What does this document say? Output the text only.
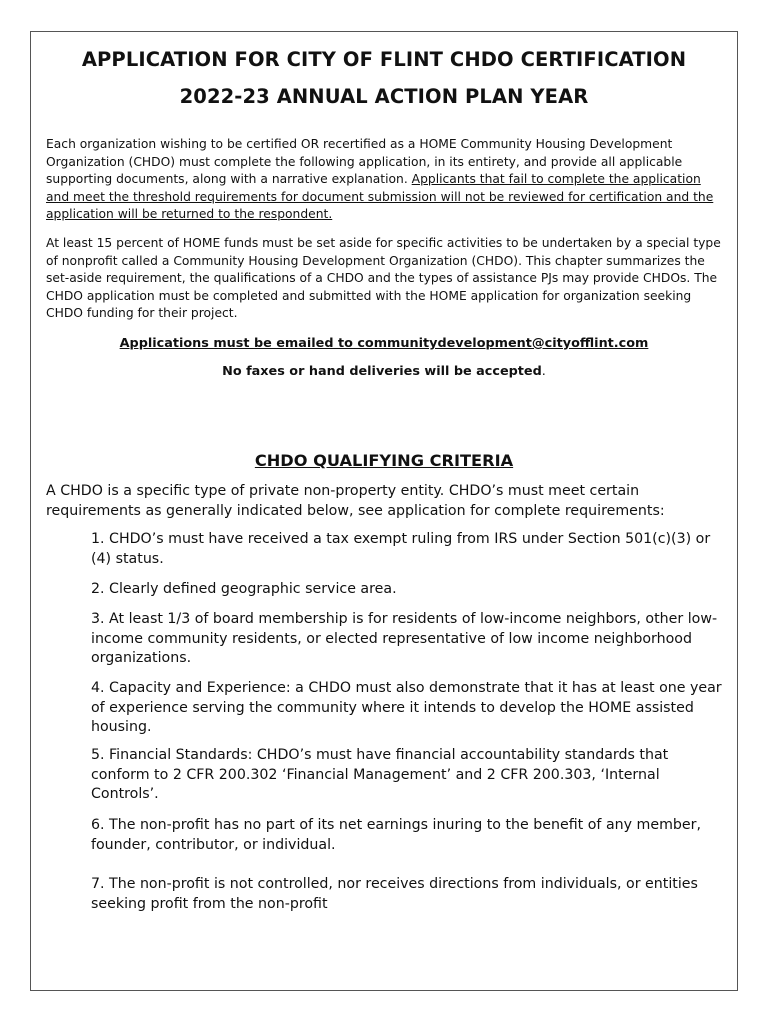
APPLICATION FOR CITY OF FLINT CHDO CERTIFICATION
2022-23 ANNUAL ACTION PLAN YEAR
Each organization wishing to be certified OR recertified as a HOME Community Housing Development Organization (CHDO) must complete the following application, in its entirety, and provide all applicable supporting documents, along with a narrative explanation. Applicants that fail to complete the application and meet the threshold requirements for document submission will not be reviewed for certification and the application will be returned to the respondent.
At least 15 percent of HOME funds must be set aside for specific activities to be undertaken by a special type of nonprofit called a Community Housing Development Organization (CHDO). This chapter summarizes the set-aside requirement, the qualifications of a CHDO and the types of assistance PJs may provide CHDOs. The CHDO application must be completed and submitted with the HOME application for organization seeking CHDO funding for their project.
Applications must be emailed to communitydevelopment@cityofflint.com
No faxes or hand deliveries will be accepted.
CHDO QUALIFYING CRITERIA
A CHDO is a specific type of private non-property entity. CHDO’s must meet certain requirements as generally indicated below, see application for complete requirements:
1. CHDO’s must have received a tax exempt ruling from IRS under Section 501(c)(3) or (4) status.
2. Clearly defined geographic service area.
3. At least 1/3 of board membership is for residents of low-income neighbors, other low-income community residents, or elected representative of low income neighborhood organizations.
4. Capacity and Experience: a CHDO must also demonstrate that it has at least one year of experience serving the community where it intends to develop the HOME assisted housing.
5. Financial Standards: CHDO’s must have financial accountability standards that conform to 2 CFR 200.302 ‘Financial Management’ and 2 CFR 200.303, ‘Internal Controls’.
6. The non-profit has no part of its net earnings inuring to the benefit of any member, founder, contributor, or individual.
7. The non-profit is not controlled, nor receives directions from individuals, or entities seeking profit from the non-profit
